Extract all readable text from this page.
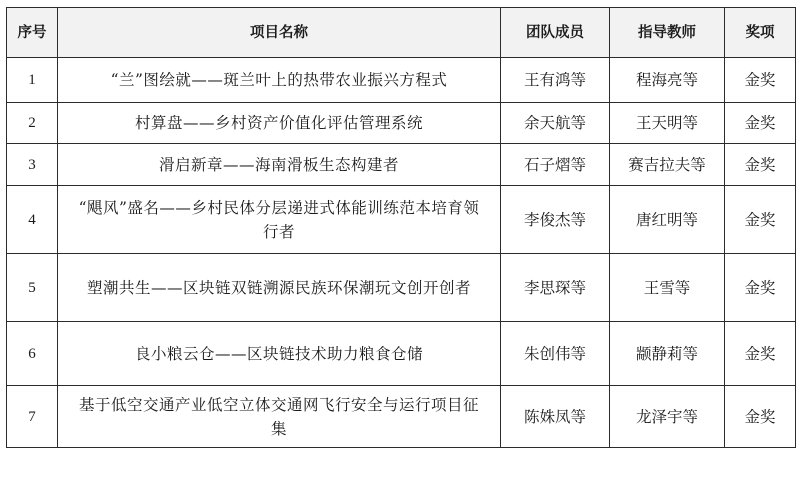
序号	项目名称	团队成员	指导教师	奖项
1	“兰”图绘就——斑兰叶上的热带农业振兴方程式	王有鸿等	程海亮等	金奖
2	村算盘——乡村资产价值化评估管理系统	余天航等	王天明等	金奖
3	滑启新章——海南滑板生态构建者	石子熠等	赛吉拉夫等	金奖
4	“飓风”盛名——乡村民体分层递进式体能训练范本培育领行者	李俊杰等	唐红明等	金奖
5	塑潮共生——区块链双链溯源民族环保潮玩文创开创者	李思琛等	王雪等	金奖
6	良小粮云仓——区块链技术助力粮食仓储	朱创伟等	颛静莉等	金奖
7	基于低空交通产业低空立体交通网飞行安全与运行项目征集	陈姝凤等	龙泽宇等	金奖
